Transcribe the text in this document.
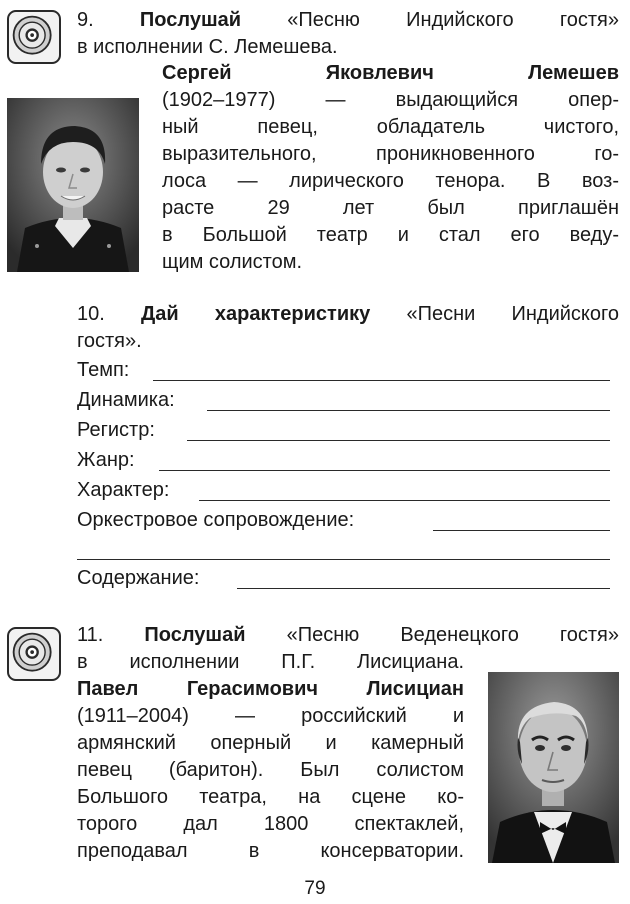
9. Послушай «Песню Индийского гостя»
в исполнении С. Лемешева.
Сергей Яковлевич Лемешев
(1902–1977) — выдающийся опер-
ный певец, обладатель чистого,
выразительного, проникновенного го-
лоса — лирического тенора. В воз-
расте 29 лет был приглашён
в Большой театр и стал его веду-
щим солистом.
10. Дай характеристику «Песни Индийского
гостя».
Темп:
Динамика:
Регистр:
Жанр:
Характер:
Оркестровое сопровождение:
Содержание:
11. Послушай «Песню Веденецкого гостя»
в исполнении П.Г. Лисициана.
Павел Герасимович Лисициан
(1911–2004) — российский и
армянский оперный и камерный
певец (баритон). Был солистом
Большого театра, на сцене ко-
торого дал 1800 спектаклей,
преподавал в консерватории.
79
